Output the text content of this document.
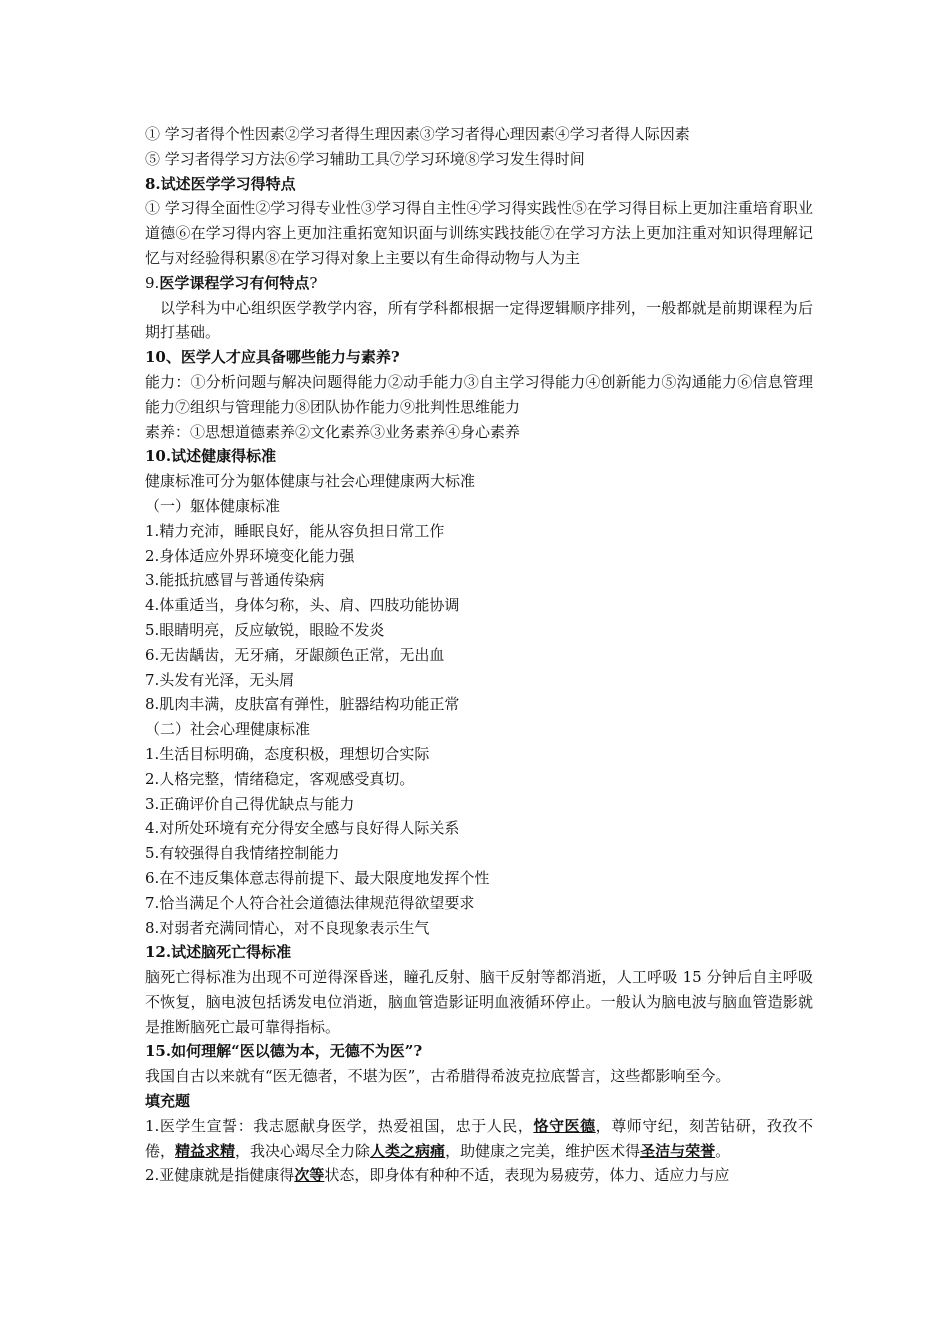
① 学习者得个性因素②学习者得生理因素③学习者得心理因素④学习者得人际因素
⑤ 学习者得学习方法⑥学习辅助工具⑦学习环境⑧学习发生得时间
8.试述医学学习得特点
① 学习得全面性②学习得专业性③学习得自主性④学习得实践性⑤在学习得目标上更加注重培育职业道德⑥在学习得内容上更加注重拓宽知识面与训练实践技能⑦在学习方法上更加注重对知识得理解记忆与对经验得积累⑧在学习得对象上主要以有生命得动物与人为主
9.医学课程学习有何特点?
以学科为中心组织医学教学内容，所有学科都根据一定得逻辑顺序排列，一般都就是前期课程为后期打基础。
10、医学人才应具备哪些能力与素养?
能力：①分析问题与解决问题得能力②动手能力③自主学习得能力④创新能力⑤沟通能力⑥信息管理能力⑦组织与管理能力⑧团队协作能力⑨批判性思维能力
素养：①思想道德素养②文化素养③业务素养④身心素养
10.试述健康得标准
健康标准可分为躯体健康与社会心理健康两大标准
（一）躯体健康标准
1.精力充沛，睡眠良好，能从容负担日常工作
2.身体适应外界环境变化能力强
3.能抵抗感冒与普通传染病
4.体重适当，身体匀称，头、肩、四肢功能协调
5.眼睛明亮，反应敏锐，眼睑不发炎
6.无齿龋齿，无牙痛，牙龈颜色正常，无出血
7.头发有光泽，无头屑
8.肌肉丰满，皮肤富有弹性，脏器结构功能正常
（二）社会心理健康标准
1.生活目标明确，态度积极，理想切合实际
2.人格完整，情绪稳定，客观感受真切。
3.正确评价自己得优缺点与能力
4.对所处环境有充分得安全感与良好得人际关系
5.有较强得自我情绪控制能力
6.在不违反集体意志得前提下、最大限度地发挥个性
7.恰当满足个人符合社会道德法律规范得欲望要求
8.对弱者充满同情心，对不良现象表示生气
12.试述脑死亡得标准
脑死亡得标准为出现不可逆得深昏迷，瞳孔反射、脑干反射等都消逝，人工呼吸 15 分钟后自主呼吸不恢复，脑电波包括诱发电位消逝，脑血管造影证明血液循环停止。一般认为脑电波与脑血管造影就是推断脑死亡最可靠得指标。
15.如何理解“医以德为本，无德不为医”?
我国自古以来就有“医无德者，不堪为医”，古希腊得希波克拉底誓言，这些都影响至今。
填充题
1.医学生宣誓：我志愿献身医学，热爱祖国，忠于人民，恪守医德，尊师守纪，刻苦钻研，孜孜不倦，精益求精，我决心竭尽全力除人类之病痛，助健康之完美，维护医术得圣洁与荣誉。
2.亚健康就是指健康得次等状态，即身体有种种不适，表现为易疲劳，体力、适应力与应
